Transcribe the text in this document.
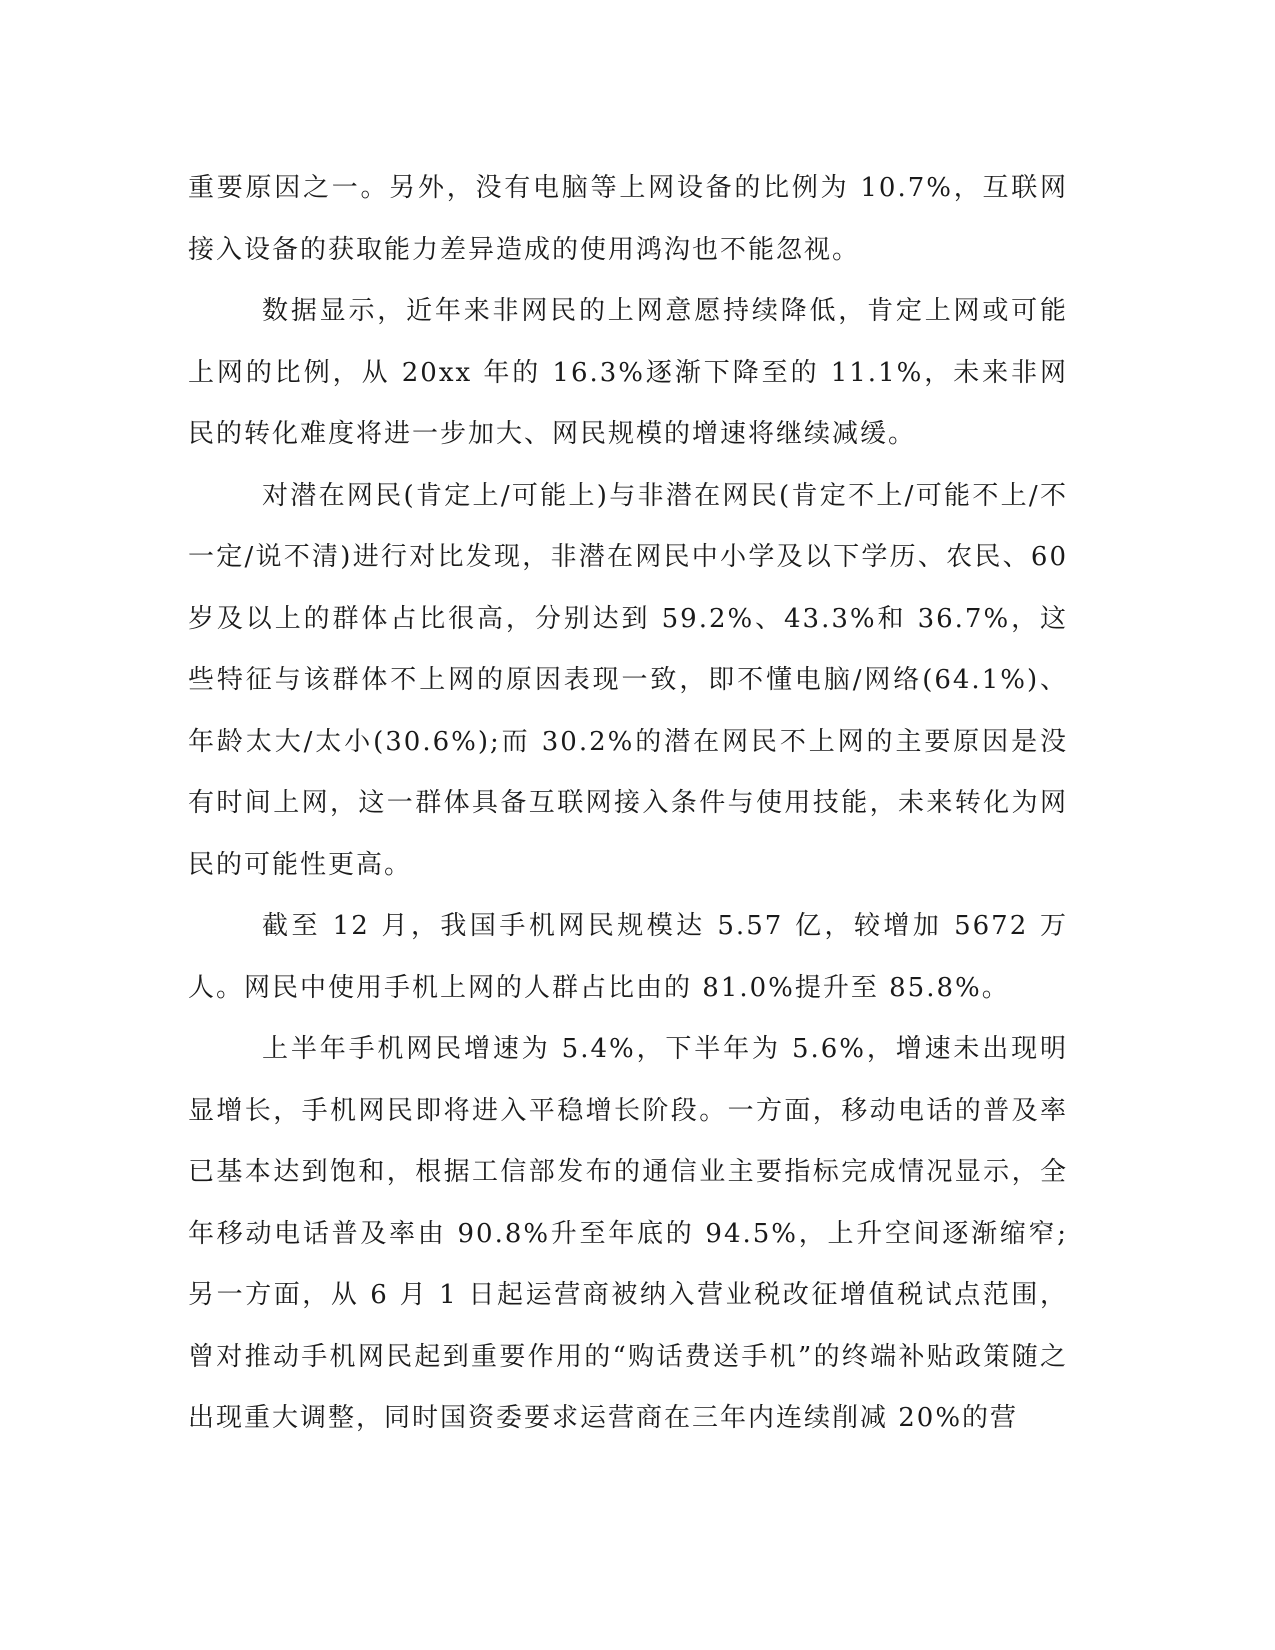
重要原因之一。另外，没有电脑等上网设备的比例为 10.7%，互联网接入设备的获取能力差异造成的使用鸿沟也不能忽视。

数据显示，近年来非网民的上网意愿持续降低，肯定上网或可能上网的比例，从 20xx 年的 16.3%逐渐下降至的 11.1%，未来非网民的转化难度将进一步加大、网民规模的增速将继续减缓。

对潜在网民(肯定上/可能上)与非潜在网民(肯定不上/可能不上/不一定/说不清)进行对比发现，非潜在网民中小学及以下学历、农民、60 岁及以上的群体占比很高，分别达到 59.2%、43.3%和 36.7%，这些特征与该群体不上网的原因表现一致，即不懂电脑/网络(64.1%)、年龄太大/太小(30.6%);而 30.2%的潜在网民不上网的主要原因是没有时间上网，这一群体具备互联网接入条件与使用技能，未来转化为网民的可能性更高。

截至 12 月，我国手机网民规模达 5.57 亿，较增加 5672 万人。网民中使用手机上网的人群占比由的 81.0%提升至 85.8%。

上半年手机网民增速为 5.4%，下半年为 5.6%，增速未出现明显增长，手机网民即将进入平稳增长阶段。一方面，移动电话的普及率已基本达到饱和，根据工信部发布的通信业主要指标完成情况显示，全年移动电话普及率由 90.8%升至年底的 94.5%，上升空间逐渐缩窄;另一方面，从 6 月 1 日起运营商被纳入营业税改征增值税试点范围，曾对推动手机网民起到重要作用的“购话费送手机”的终端补贴政策随之出现重大调整，同时国资委要求运营商在三年内连续削减 20%的营
